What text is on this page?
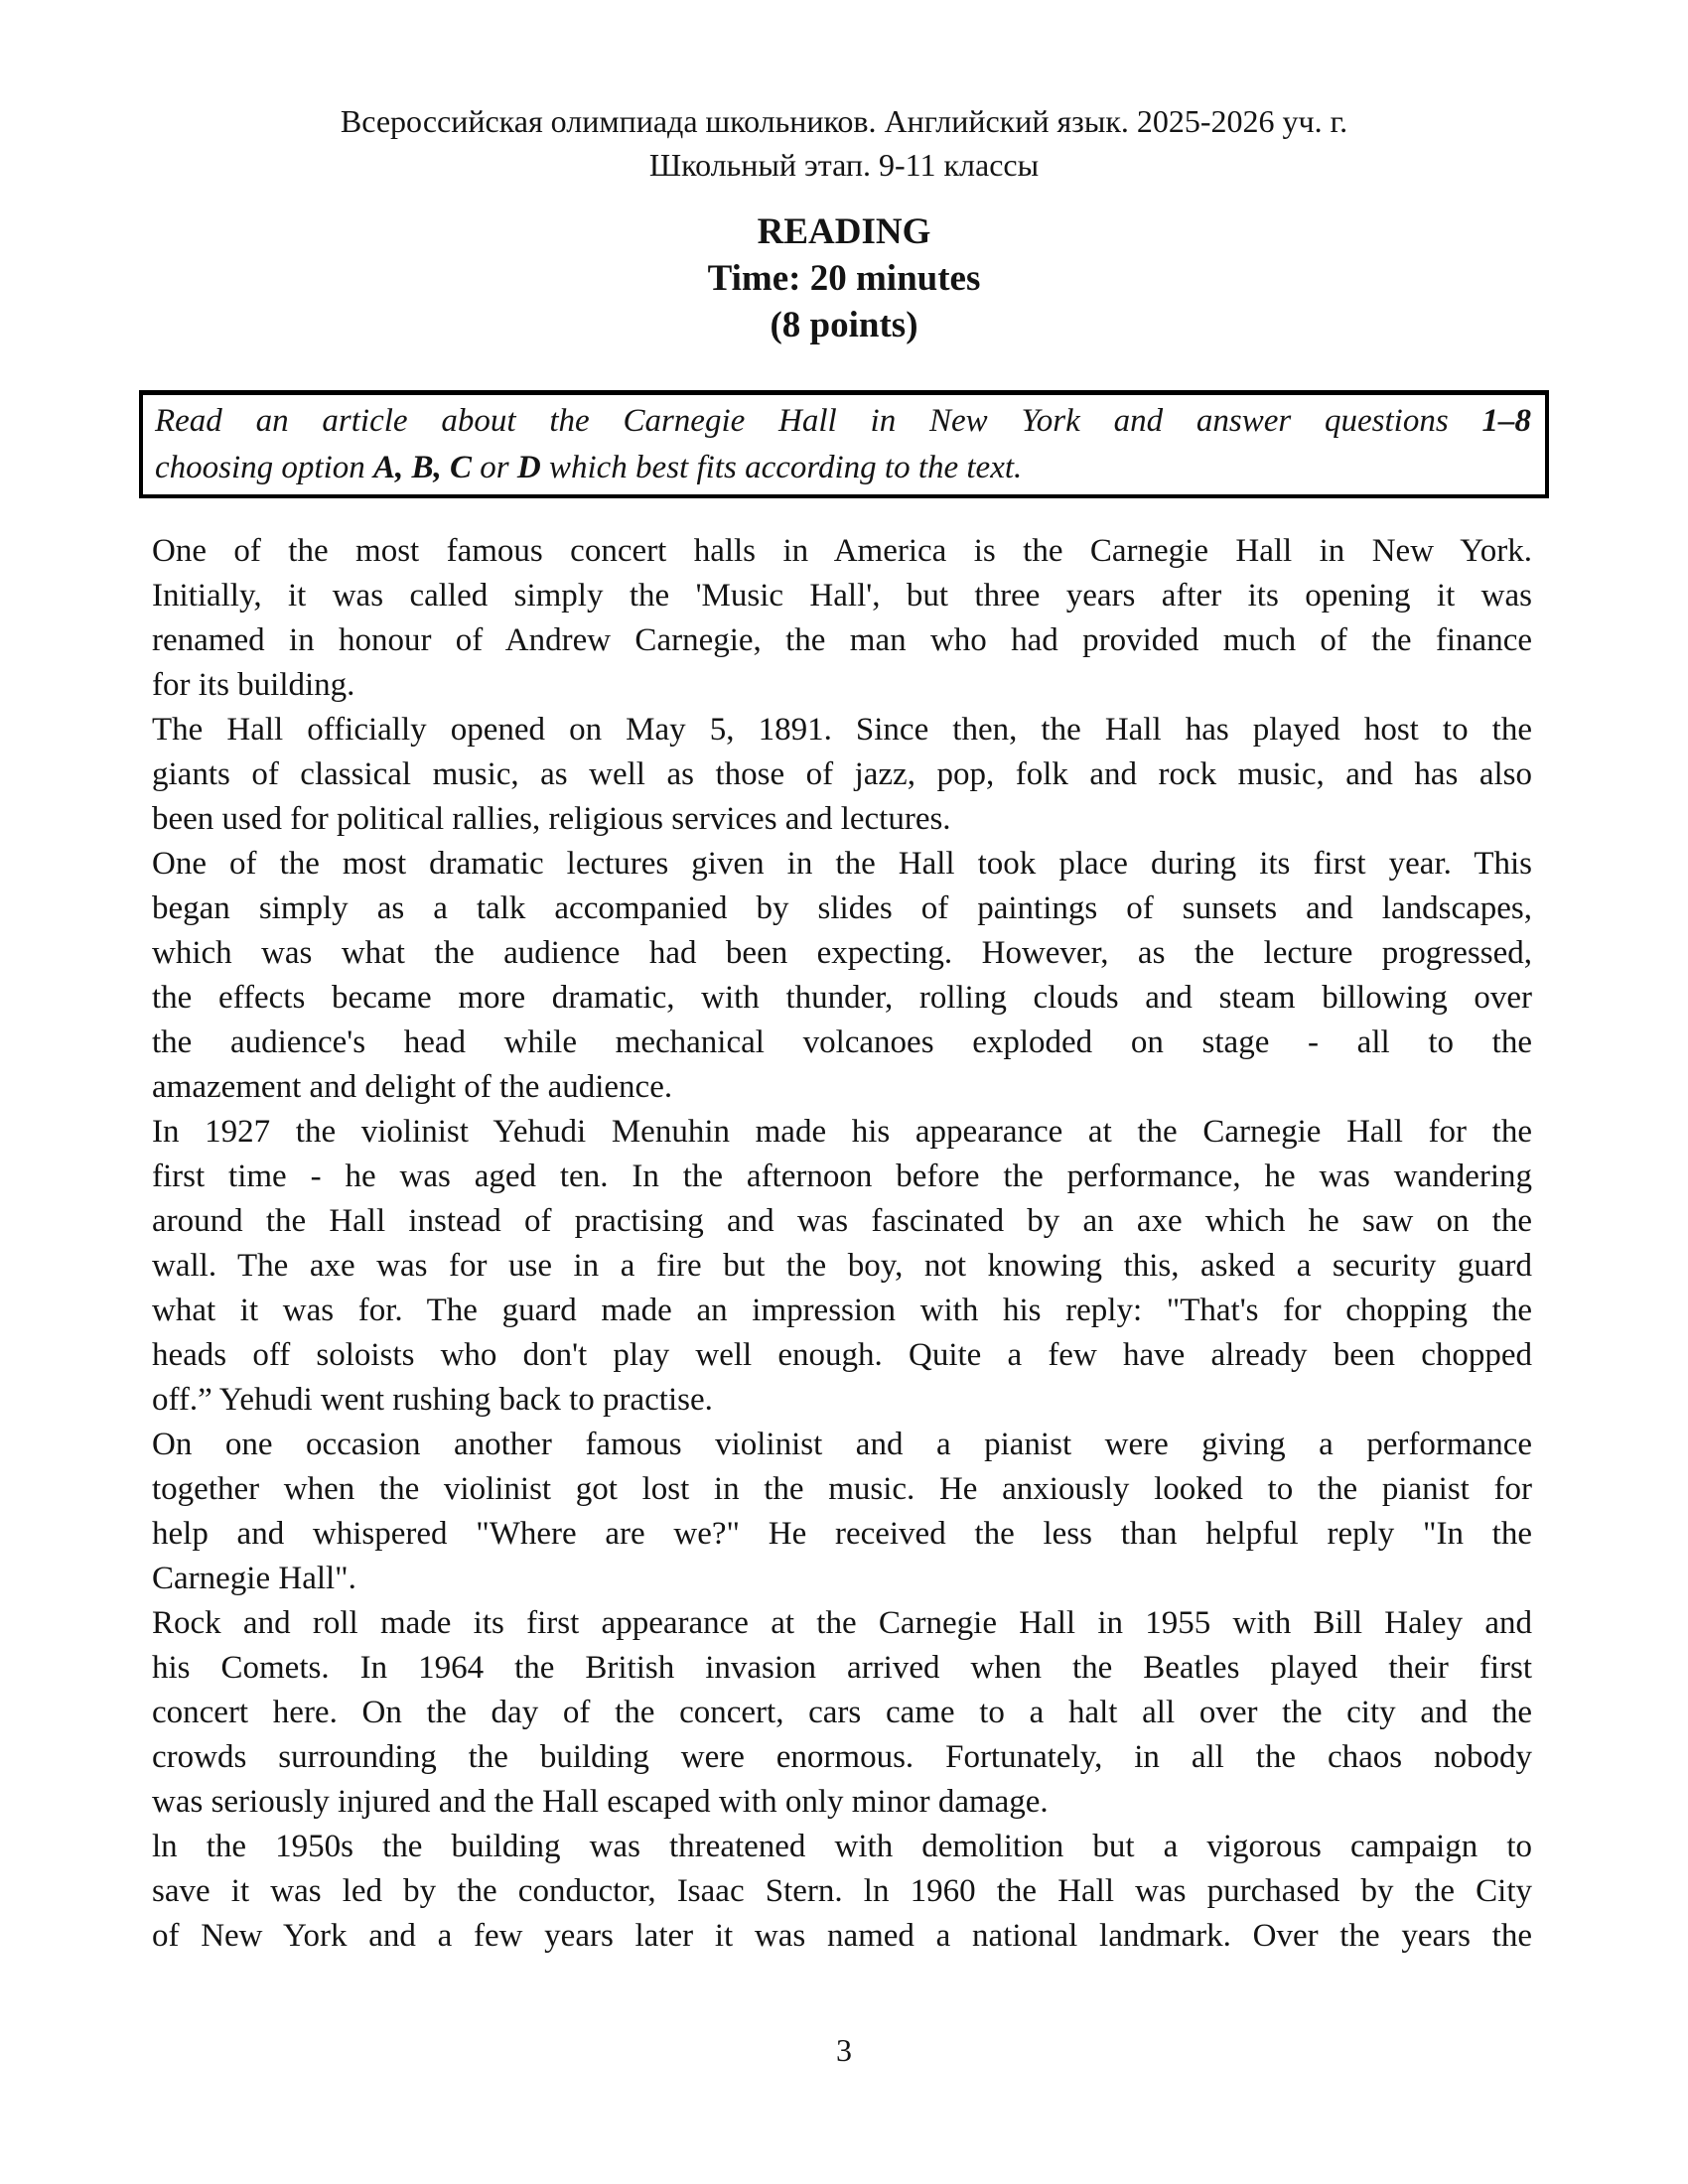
Всероссийская олимпиада школьников. Английский язык. 2025-2026 уч. г.
Школьный этап. 9-11 классы
READING
Time: 20 minutes
(8 points)
Read an article about the Carnegie Hall in New York and answer questions 1–8
choosing option A, B, C or D which best fits according to the text.
One of the most famous concert halls in America is the Carnegie Hall in New York.
Initially, it was called simply the 'Music Hall', but three years after its opening it was
renamed in honour of Andrew Carnegie, the man who had provided much of the finance
for its building.
The Hall officially opened on May 5, 1891. Since then, the Hall has played host to the
giants of classical music, as well as those of jazz, pop, folk and rock music, and has also
been used for political rallies, religious services and lectures.
One of the most dramatic lectures given in the Hall took place during its first year. This
began simply as a talk accompanied by slides of paintings of sunsets and landscapes,
which was what the audience had been expecting. However, as the lecture progressed,
the effects became more dramatic, with thunder, rolling clouds and steam billowing over
the audience's head while mechanical volcanoes exploded on stage - all to the
amazement and delight of the audience.
In 1927 the violinist Yehudi Menuhin made his appearance at the Carnegie Hall for the
first time - he was aged ten. In the afternoon before the performance, he was wandering
around the Hall instead of practising and was fascinated by an axe which he saw on the
wall. The axe was for use in a fire but the boy, not knowing this, asked a security guard
what it was for. The guard made an impression with his reply: "That's for chopping the
heads off soloists who don't play well enough. Quite a few have already been chopped
off.” Yehudi went rushing back to practise.
On one occasion another famous violinist and a pianist were giving a performance
together when the violinist got lost in the music. He anxiously looked to the pianist for
help and whispered "Where are we?" He received the less than helpful reply "In the
Carnegie Hall".
Rock and roll made its first appearance at the Carnegie Hall in 1955 with Bill Haley and
his Comets. In 1964 the British invasion arrived when the Beatles played their first
concert here. On the day of the concert, cars came to a halt all over the city and the
crowds surrounding the building were enormous. Fortunately, in all the chaos nobody
was seriously injured and the Hall escaped with only minor damage.
ln the 1950s the building was threatened with demolition but a vigorous campaign to
save it was led by the conductor, Isaac Stern. ln 1960 the Hall was purchased by the City
of New York and a few years later it was named a national landmark. Over the years the
3
